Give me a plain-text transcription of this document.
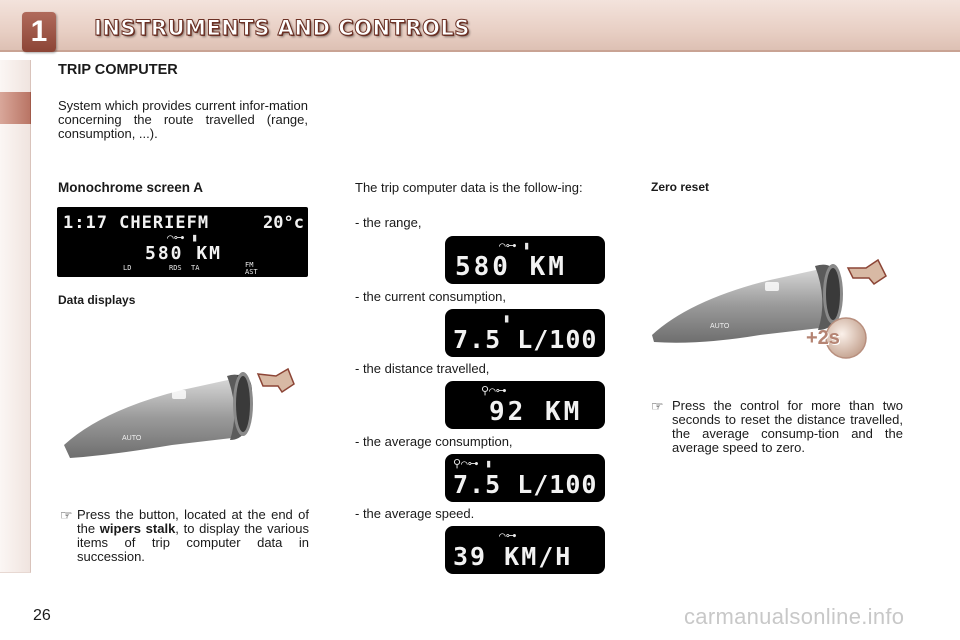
1	INSTRUMENTS AND CONTROLS
TRIP COMPUTER
System which provides current infor-mation concerning the route travelled (range, consumption, ...).
Monochrome screen A
1:17 CHERIEFM	20°c
⌒⊶ ▮
580 KM
LD	RDS TA	FM AST
Data displays
AUTO
☞ Press the button, located at the end of the wipers stalk, to display the various items of trip computer data in succession.
The trip computer data is the follow-ing:
- the range,
⌒⊶ ▮
580 KM
- the current consumption,
▮
7.5 L/100
- the distance travelled,
⚲⌒⊶
92 KM
- the average consumption,
⚲⌒⊶ ▮
7.5 L/100
- the average speed.
⌒⊶
39 KM/H
Zero reset
AUTO
+2s
☞ Press the control for more than two seconds to reset the distance travelled, the average consump-tion and the average speed to zero.
26	carmanualsonline.info
